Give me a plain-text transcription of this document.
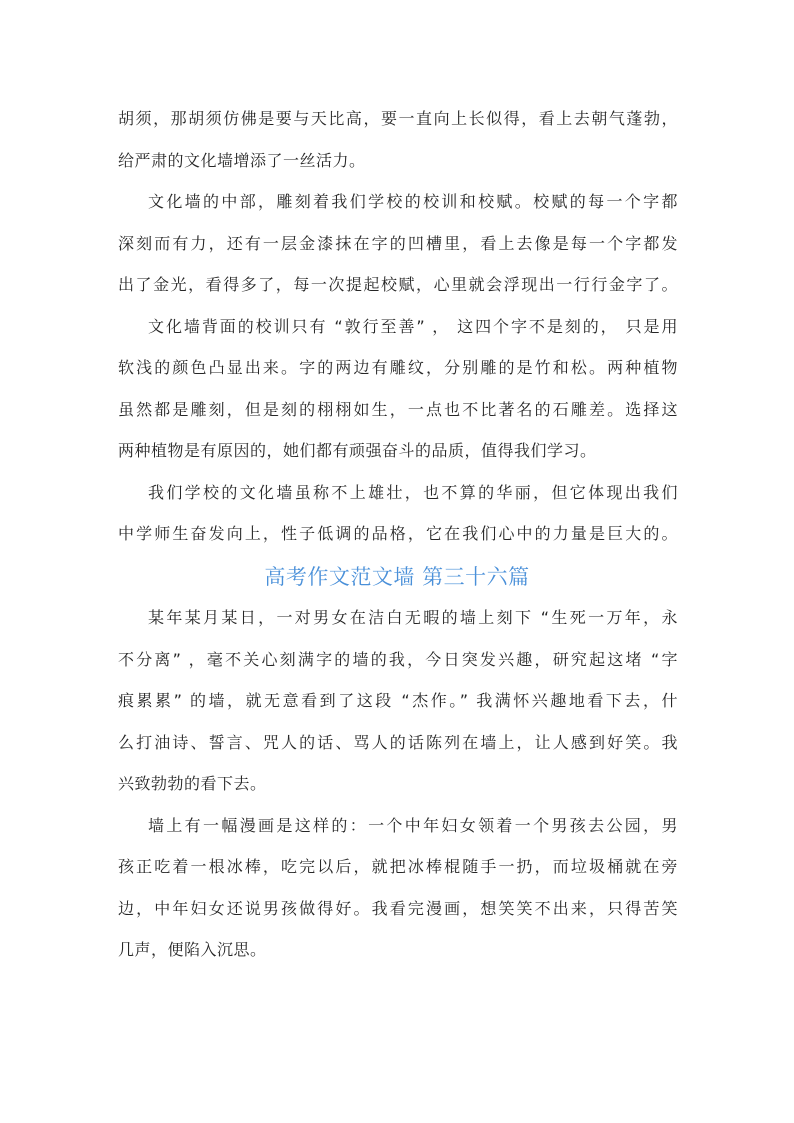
胡须，那胡须仿佛是要与天比高，要一直向上长似得，看上去朝气蓬勃，
给严肃的文化墙增添了一丝活力。
文化墙的中部，雕刻着我们学校的校训和校赋。校赋的每一个字都
深刻而有力，还有一层金漆抹在字的凹槽里，看上去像是每一个字都发
出了金光，看得多了，每一次提起校赋，心里就会浮现出一行行金字了。
文化墙背面的校训只有 “敦行至善” ， 这四个字不是刻的， 只是用
软浅的颜色凸显出来。字的两边有雕纹，分别雕的是竹和松。两种植物
虽然都是雕刻，但是刻的栩栩如生，一点也不比著名的石雕差。选择这
两种植物是有原因的，她们都有顽强奋斗的品质，值得我们学习。
我们学校的文化墙虽称不上雄壮，也不算的华丽，但它体现出我们
中学师生奋发向上，性子低调的品格，它在我们心中的力量是巨大的。
高考作文范文墙 第三十六篇
某年某月某日，一对男女在洁白无暇的墙上刻下 “生死一万年，永
不分离” ，毫不关心刻满字的墙的我，今日突发兴趣，研究起这堵 “字
痕累累” 的墙，就无意看到了这段 “杰作。” 我满怀兴趣地看下去，什
么打油诗、誓言、咒人的话、骂人的话陈列在墙上，让人感到好笑。我
兴致勃勃的看下去。
墙上有一幅漫画是这样的：一个中年妇女领着一个男孩去公园，男
孩正吃着一根冰棒，吃完以后，就把冰棒棍随手一扔，而垃圾桶就在旁
边，中年妇女还说男孩做得好。我看完漫画，想笑笑不出来，只得苦笑
几声，便陷入沉思。
